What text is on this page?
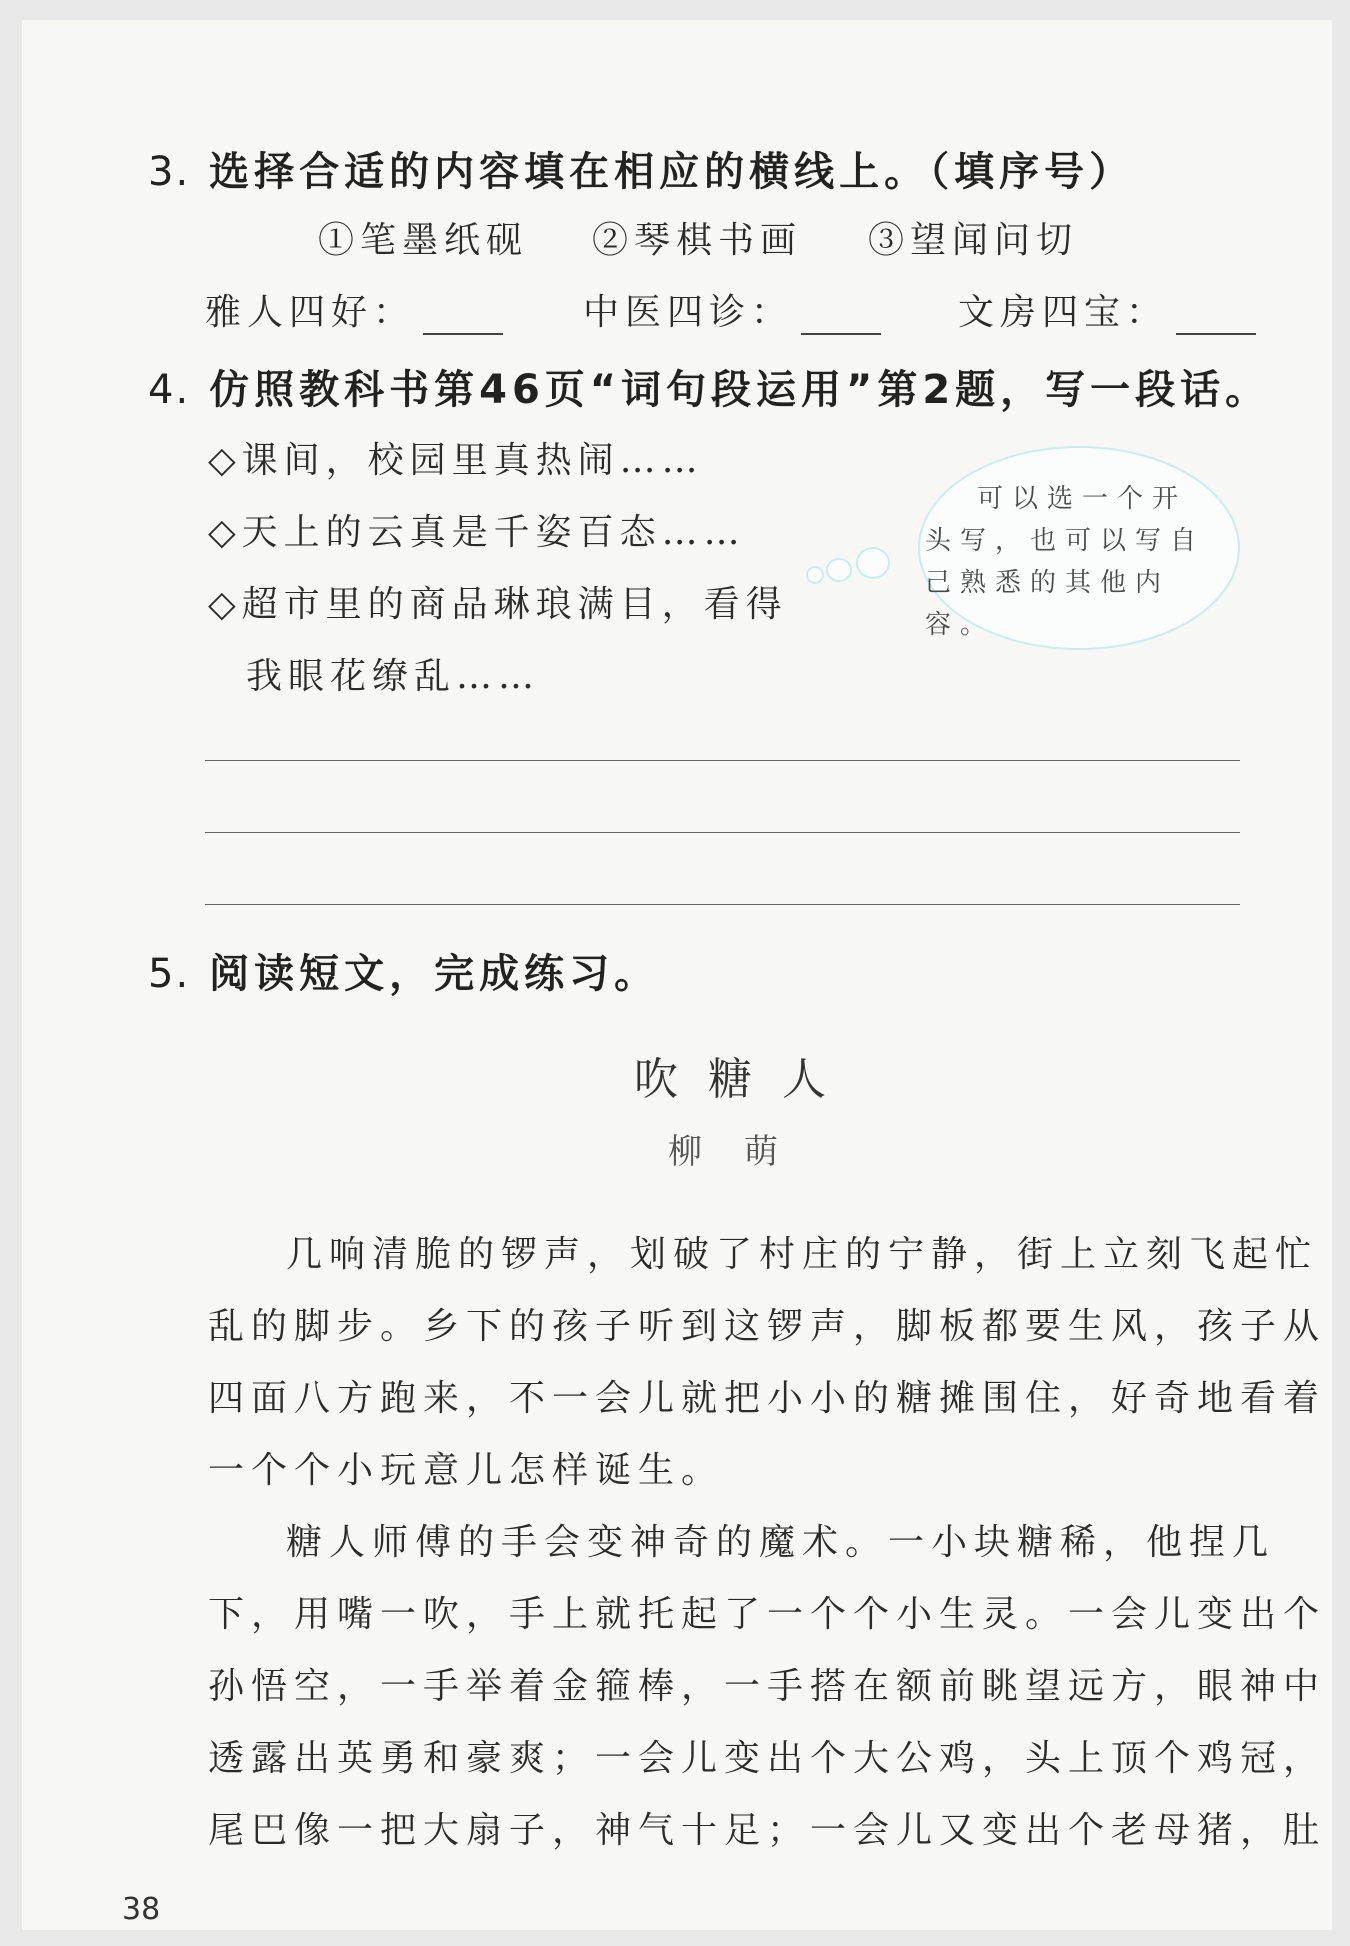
3. 选择合适的内容填在相应的横线上。（填序号）
①笔墨纸砚 ②琴棋书画 ③望闻问切
雅人四好：	中医四诊：	文房四宝：
4. 仿照教科书第46页“词句段运用”第2题，写一段话。
◇课间，校园里真热闹……
◇天上的云真是千姿百态……
◇超市里的商品琳琅满目，看得
我眼花缭乱……
可以选一个开头写，也可以写自己熟悉的其他内容。
5. 阅读短文，完成练习。
吹 糖 人
柳　萌
几响清脆的锣声，划破了村庄的宁静，街上立刻飞起忙
乱的脚步。乡下的孩子听到这锣声，脚板都要生风，孩子从
四面八方跑来，不一会儿就把小小的糖摊围住，好奇地看着
一个个小玩意儿怎样诞生。
糖人师傅的手会变神奇的魔术。一小块糖稀，他捏几
下，用嘴一吹，手上就托起了一个个小生灵。一会儿变出个
孙悟空，一手举着金箍棒，一手搭在额前眺望远方，眼神中
透露出英勇和豪爽；一会儿变出个大公鸡，头上顶个鸡冠，
尾巴像一把大扇子，神气十足；一会儿又变出个老母猪，肚
38
